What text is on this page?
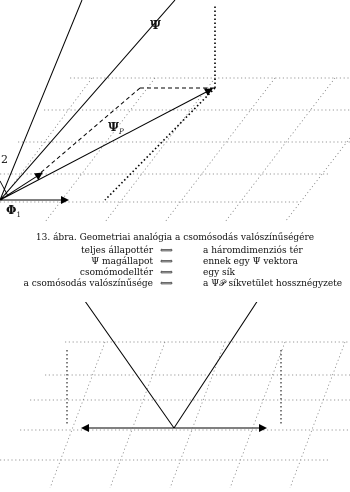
Ψ
$\Psi_P$
2
$\Phi_1$
13. ábra. Geometriai analógia a csomósodás valószínűségére
teljes állapottér ⟺	a háromdimenziós tér
Ψ magállapot ⟺	ennek egy Ψ vektora
csomómodelltér ⟺	egy sík
a csomósodás valószínűsége ⟺	a Ψ𝒫 síkvetület hossznégyzete
